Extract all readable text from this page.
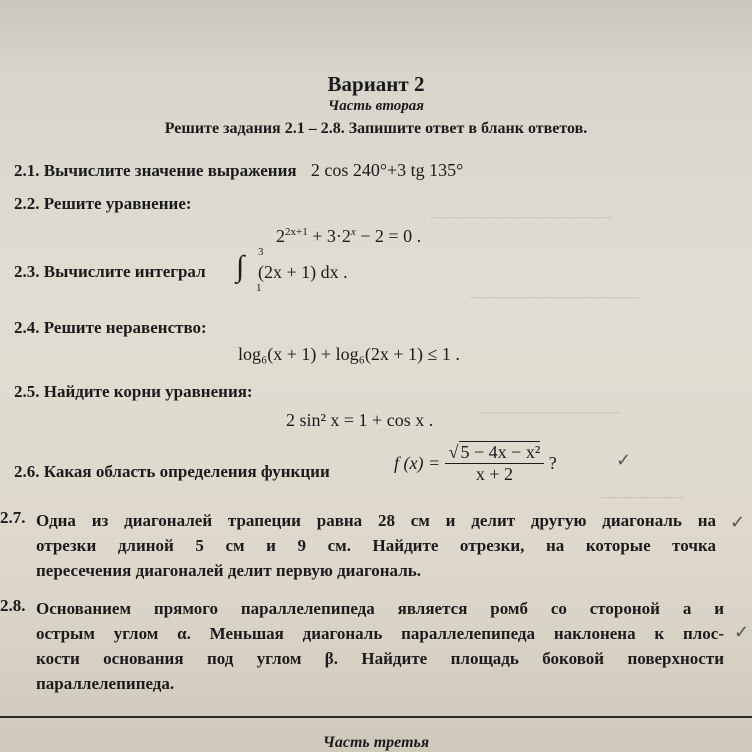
—————————————
————————————
——————————
——————
Вариант 2
Часть вторая
Решите задания 2.1 – 2.8. Запишите ответ в бланк ответов.
2.1. Вычислите значение выражения 2 cos 240°+3 tg 135°
2.2. Решите уравнение:
$2^{2x+1} + 3\cdot 2^x - 2 = 0$ .
2.3. Вычислите интеграл ∫ 3
1
(2x + 1) dx .
2.4. Решите неравенство:
log₆(x + 1) + log₆(2x + 1) ≤ 1 .
2.5. Найдите корни уравнения:
2 sin² x = 1 + cos x .
2.6. Какая область определения функции	f $(x) = \frac{\text{√ 5 − 4x − x²}}{x + 2}$ ?
2.7. Одна из диагоналей трапеции равна 28 см и делит другую диагональ на
отрезки длиной 5 см и 9 см. Найдите отрезки, на которые точка
пересечения диагоналей делит первую диагональ.
2.8. Основанием прямого параллелепипеда является ромб со стороной a и
острым углом α. Меньшая диагональ параллелепипеда наклонена к плос-
кости основания под углом β. Найдите площадь боковой поверхности
параллелепипеда.
✓
✓
✓
Часть третья
